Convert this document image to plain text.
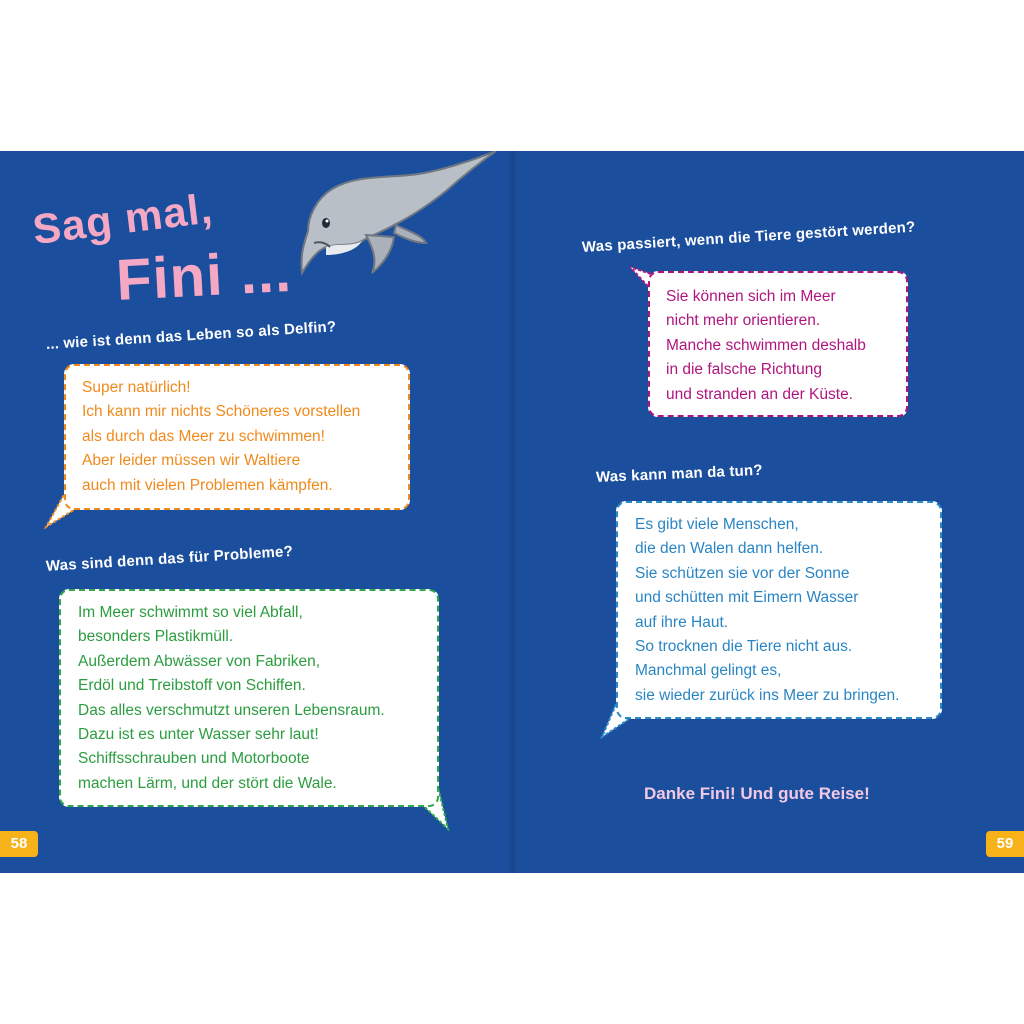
Sag mal,
Fini ...
... wie ist denn das Leben so als Delfin?

Super natürlich!

Ich kann mir nichts Schöneres vorstellen

als durch das Meer zu schwimmen!

Aber leider müssen wir Waltiere

auch mit vielen Problemen kämpfen.

Was sind denn das für Probleme?

Im Meer schwimmt so viel Abfall,

besonders Plastikmüll.

Außerdem Abwässer von Fabriken,

Erdöl und Treibstoff von Schiffen.

Das alles verschmutzt unseren Lebensraum.

Dazu ist es unter Wasser sehr laut!

Schiffsschrauben und Motorboote

machen Lärm, und der stört die Wale.

58
Was passiert, wenn die Tiere gestört werden?

Sie können sich im Meer

nicht mehr orientieren.

Manche schwimmen deshalb

in die falsche Richtung

und stranden an der Küste.

Was kann man da tun?

Es gibt viele Menschen,

die den Walen dann helfen.

Sie schützen sie vor der Sonne

und schütten mit Eimern Wasser

auf ihre Haut.

So trocknen die Tiere nicht aus.

Manchmal gelingt es,

sie wieder zurück ins Meer zu bringen.

Danke Fini! Und gute Reise!
59
